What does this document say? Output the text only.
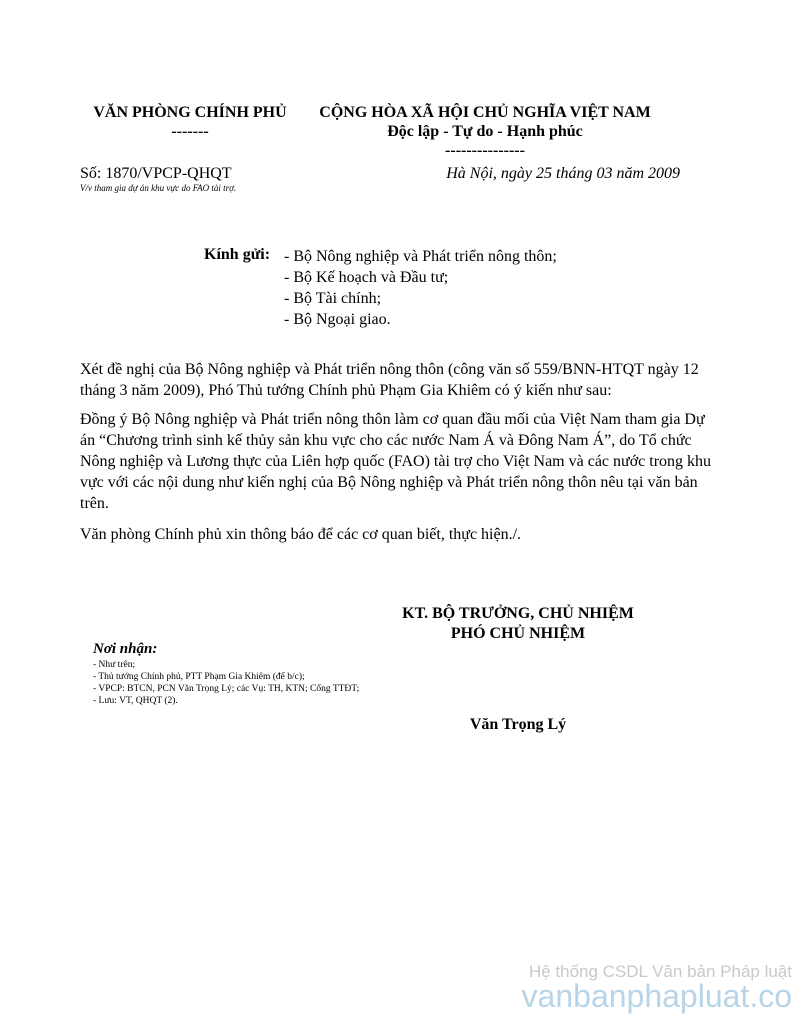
VĂN PHÒNG CHÍNH PHỦ
-------
CỘNG HÒA XÃ HỘI CHỦ NGHĨA VIỆT NAM
Độc lập - Tự do - Hạnh phúc
---------------
Số: 1870/VPCP-QHQT
V/v tham gia dự án khu vực do FAO tài trợ.
Hà Nội, ngày 25 tháng 03 năm 2009
Kính gửi: - Bộ Nông nghiệp và Phát triển nông thôn;
- Bộ Kế hoạch và Đầu tư;
- Bộ Tài chính;
- Bộ Ngoại giao.
Xét đề nghị của Bộ Nông nghiệp và Phát triển nông thôn (công văn số 559/BNN-HTQT ngày 12 tháng 3 năm 2009), Phó Thủ tướng Chính phủ Phạm Gia Khiêm có ý kiến như sau:
Đồng ý Bộ Nông nghiệp và Phát triển nông thôn làm cơ quan đầu mối của Việt Nam tham gia Dự án “Chương trình sinh kế thủy sản khu vực cho các nước Nam Á và Đông Nam Á”, do Tổ chức Nông nghiệp và Lương thực của Liên hợp quốc (FAO) tài trợ cho Việt Nam và các nước trong khu vực với các nội dung như kiến nghị của Bộ Nông nghiệp và Phát triển nông thôn nêu tại văn bản trên.
Văn phòng Chính phủ xin thông báo để các cơ quan biết, thực hiện./.
KT. BỘ TRƯỞNG, CHỦ NHIỆM
PHÓ CHỦ NHIỆM
Văn Trọng Lý
Nơi nhận:
- Như trên;
- Thủ tướng Chính phủ, PTT Phạm Gia Khiêm (để b/c);
- VPCP: BTCN, PCN Văn Trọng Lý; các Vụ: TH, KTN; Cổng TTĐT;
- Lưu: VT, QHQT (2).
Hệ thống CSDL Văn bản Pháp luật
vanbanphapluat.co
